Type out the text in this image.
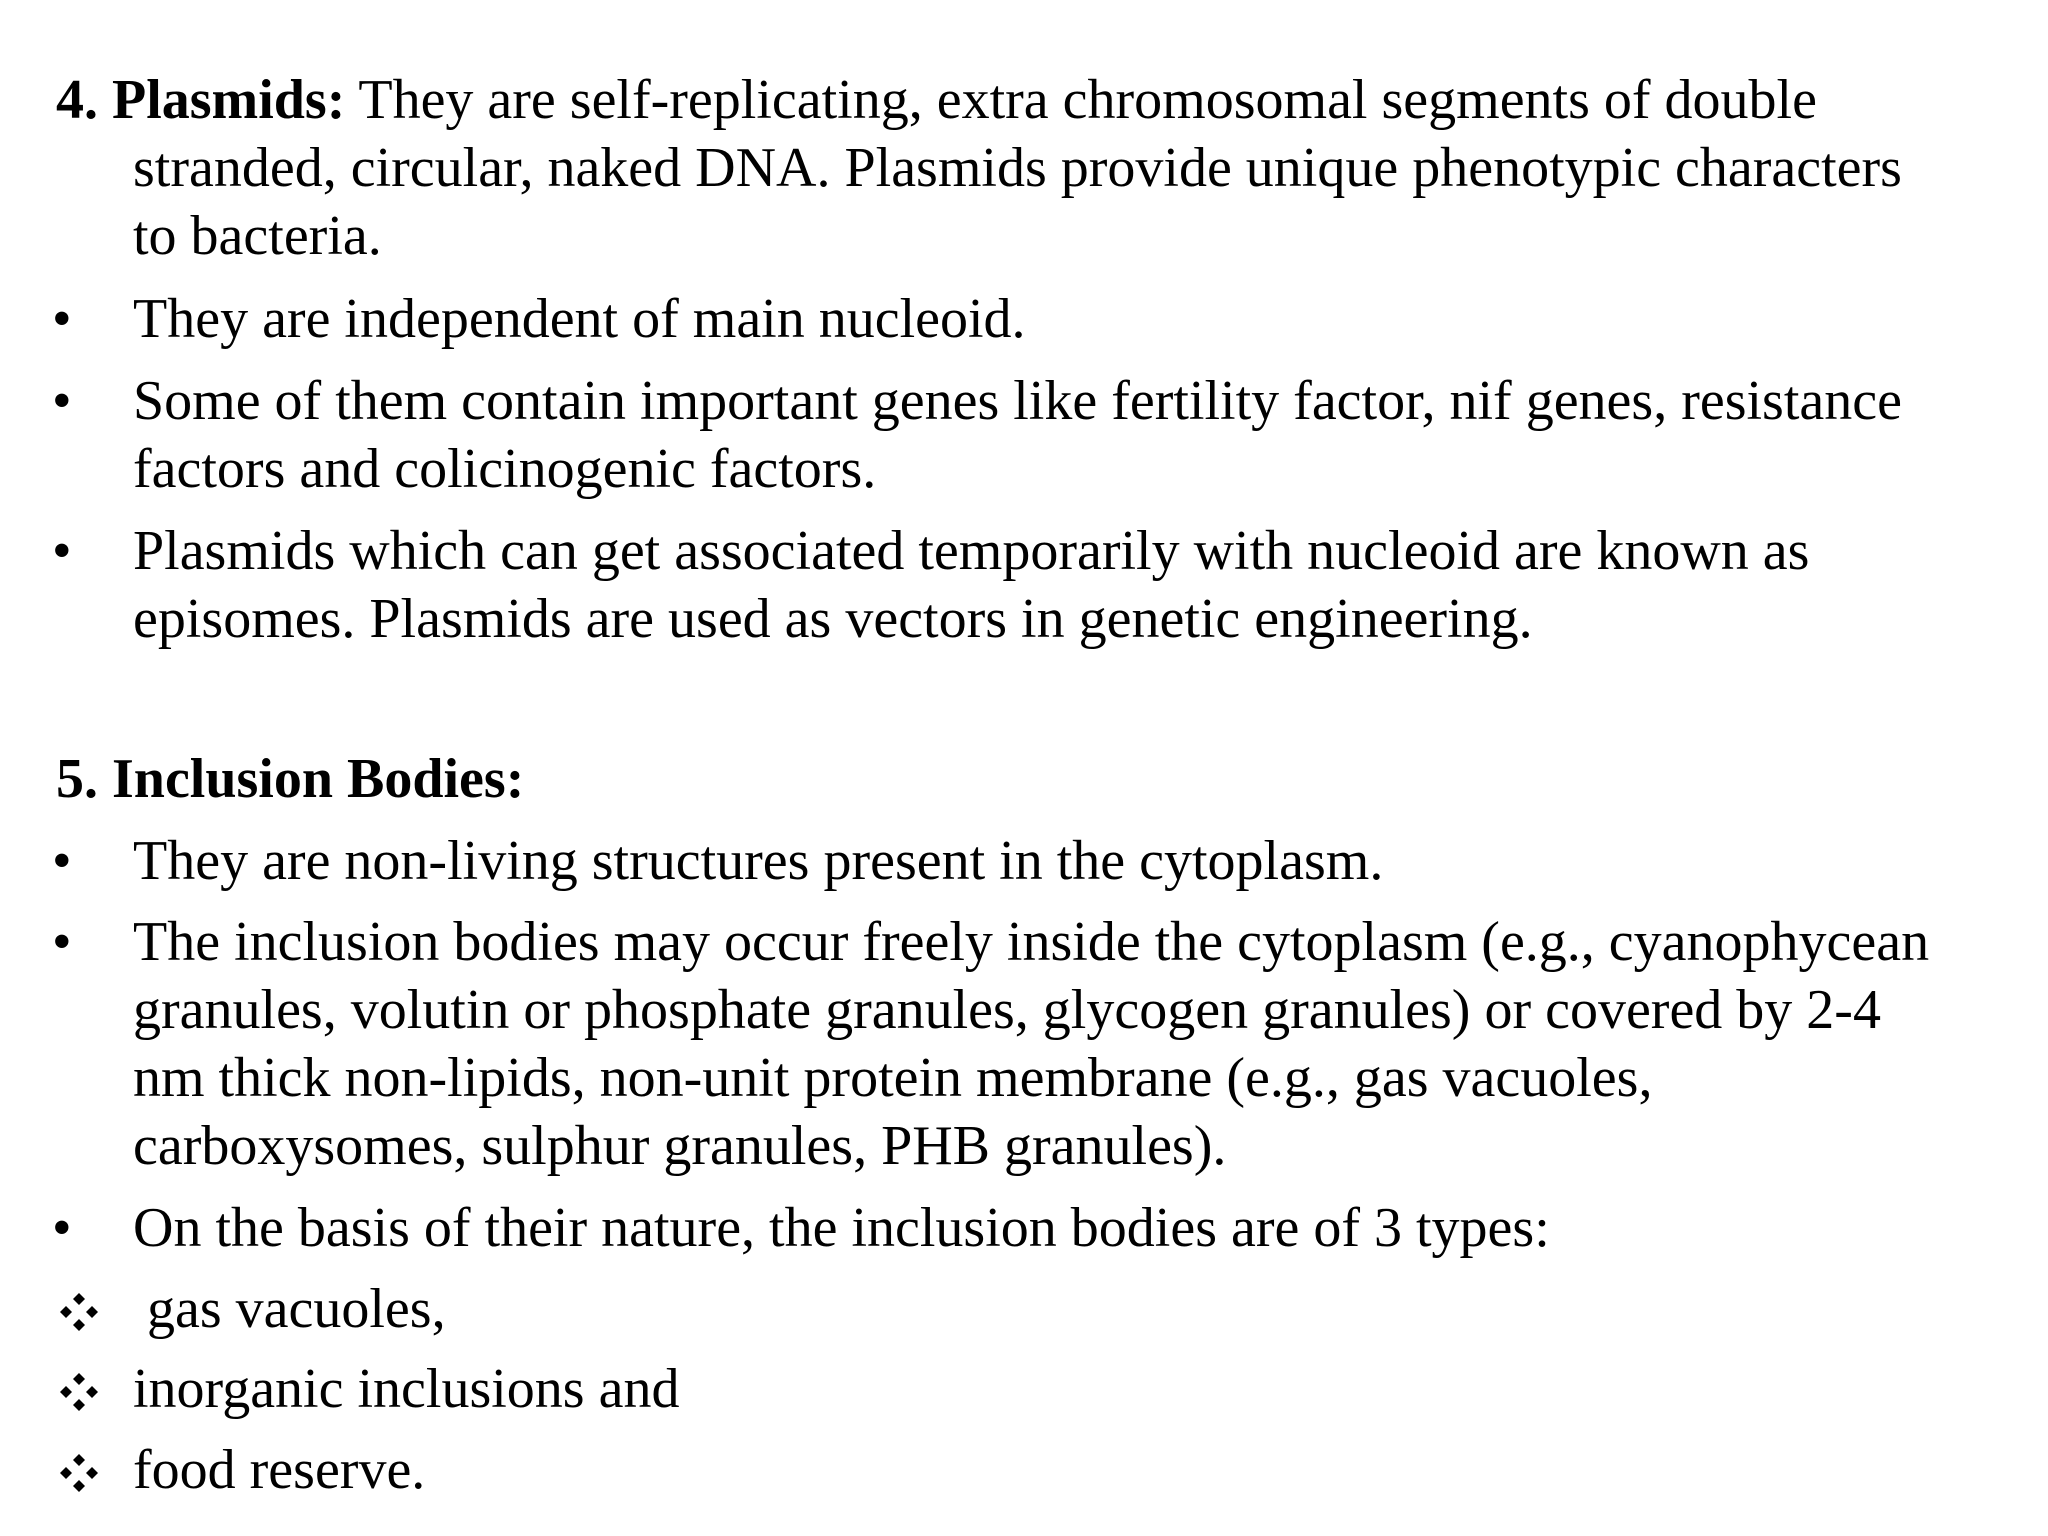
4. Plasmids: They are self-replicating, extra chromosomal segments of double

stranded, circular, naked DNA. Plasmids provide unique phenotypic characters

to bacteria.

• They are independent of main nucleoid.

• Some of them contain important genes like fertility factor, nif genes, resistance

factors and colicinogenic factors.

• Plasmids which can get associated temporarily with nucleoid are known as

episomes. Plasmids are used as vectors in genetic engineering.

5. Inclusion Bodies:

• They are non-living structures present in the cytoplasm.

• The inclusion bodies may occur freely inside the cytoplasm (e.g., cyanophycean

granules, volutin or phosphate granules, glycogen granules) or covered by 2-4

nm thick non-lipids, non-unit protein membrane (e.g., gas vacuoles,

carboxysomes, sulphur granules, PHB granules).

• On the basis of their nature, the inclusion bodies are of 3 types:

gas vacuoles,

inorganic inclusions and

food reserve.
